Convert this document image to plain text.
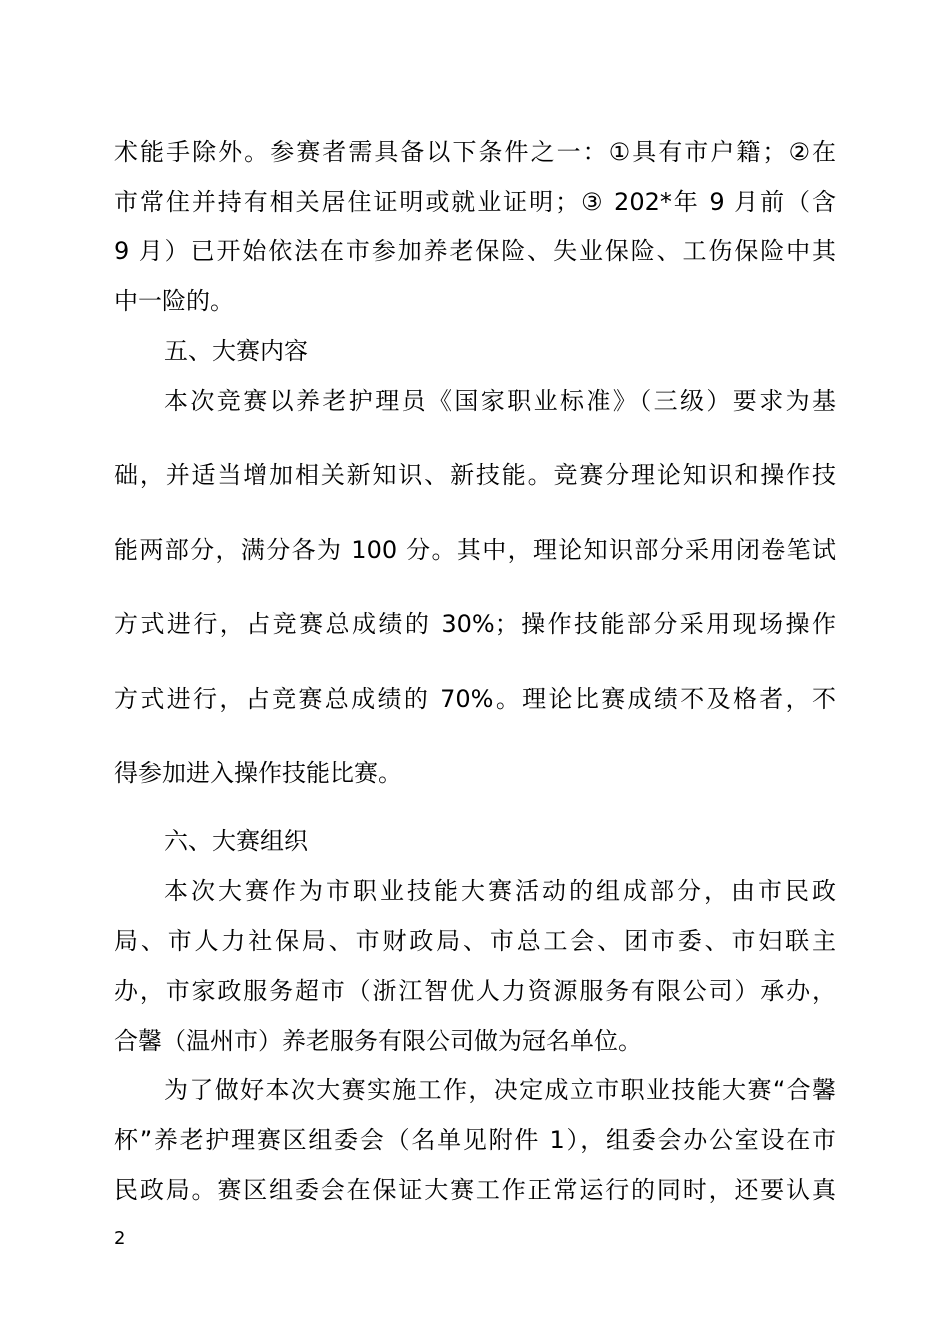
术能手除外。参赛者需具备以下条件之一：①具有市户籍；②在
市常住并持有相关居住证明或就业证明；③ 202*年 9 月前（含
9 月）已开始依法在市参加养老保险、失业保险、工伤保险中其
中一险的。
五、大赛内容
本次竞赛以养老护理员《国家职业标准》（三级）要求为基
础，并适当增加相关新知识、新技能。竞赛分理论知识和操作技
能两部分，满分各为 100 分。其中，理论知识部分采用闭卷笔试
方式进行，占竞赛总成绩的 30%；操作技能部分采用现场操作
方式进行，占竞赛总成绩的 70%。理论比赛成绩不及格者，不
得参加进入操作技能比赛。
六、大赛组织
本次大赛作为市职业技能大赛活动的组成部分，由市民政
局、市人力社保局、市财政局、市总工会、团市委、市妇联主
办，市家政服务超市（浙江智优人力资源服务有限公司）承办，
合馨（温州市）养老服务有限公司做为冠名单位。
为了做好本次大赛实施工作，决定成立市职业技能大赛“合馨
杯”养老护理赛区组委会（名单见附件 1），组委会办公室设在市
民政局。赛区组委会在保证大赛工作正常运行的同时，还要认真
2
